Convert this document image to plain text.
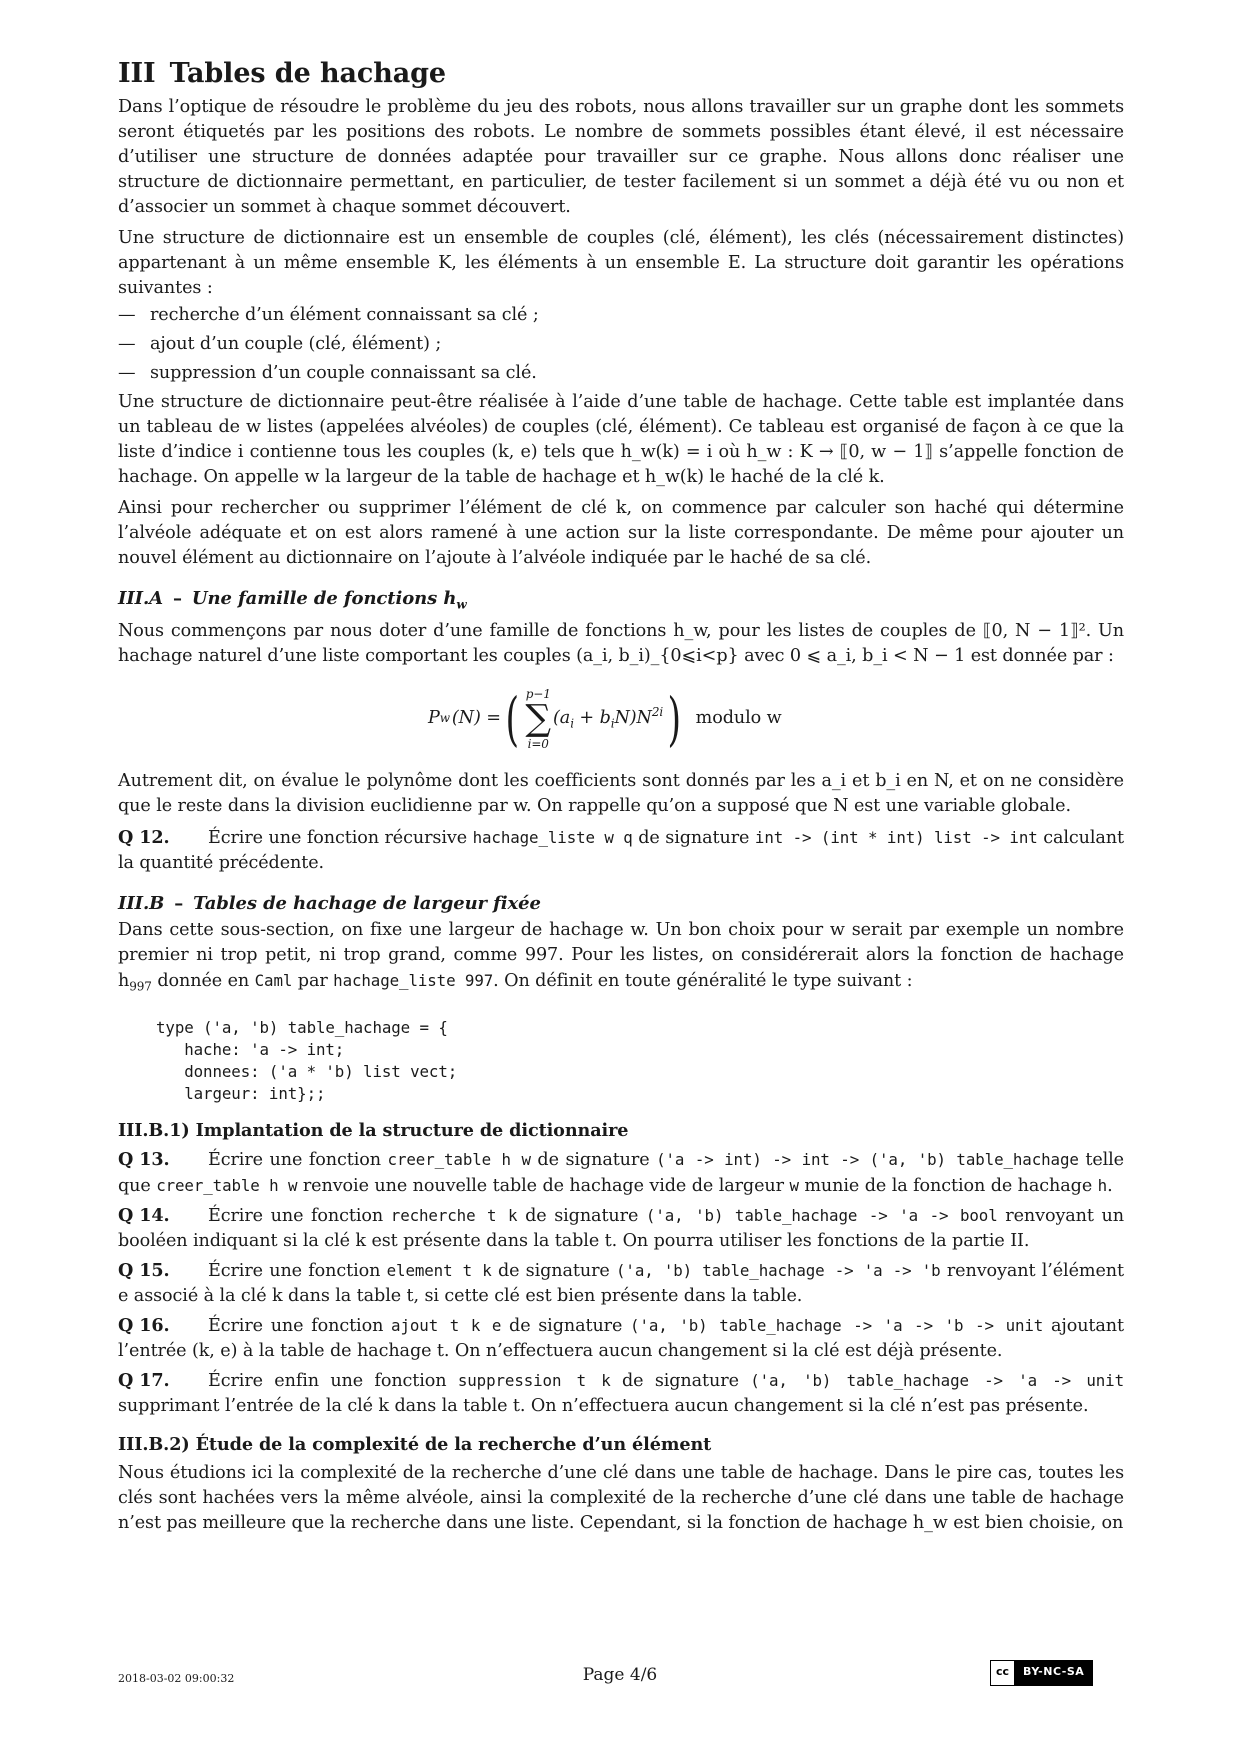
III Tables de hachage

Dans l’optique de résoudre le problème du jeu des robots, nous allons travailler sur un graphe dont les sommets seront étiquetés par les positions des robots. Le nombre de sommets possibles étant élevé, il est nécessaire d’utiliser une structure de données adaptée pour travailler sur ce graphe. Nous allons donc réaliser une structure de dictionnaire permettant, en particulier, de tester facilement si un sommet a déjà été vu ou non et d’associer un sommet à chaque sommet découvert.

Une structure de dictionnaire est un ensemble de couples (clé, élément), les clés (nécessairement distinctes) appartenant à un même ensemble K, les éléments à un ensemble E. La structure doit garantir les opérations suivantes :

— recherche d’un élément connaissant sa clé ;
— ajout d’un couple (clé, élément) ;
— suppression d’un couple connaissant sa clé.

Une structure de dictionnaire peut-être réalisée à l’aide d’une table de hachage. Cette table est implantée dans un tableau de w listes (appelées alvéoles) de couples (clé, élément). Ce tableau est organisé de façon à ce que la liste d’indice i contienne tous les couples (k, e) tels que h_w(k) = i où h_w : K → ⟦0, w − 1⟧ s’appelle fonction de hachage. On appelle w la largeur de la table de hachage et h_w(k) le haché de la clé k.

Ainsi pour rechercher ou supprimer l’élément de clé k, on commence par calculer son haché qui détermine l’alvéole adéquate et on est alors ramené à une action sur la liste correspondante. De même pour ajouter un nouvel élément au dictionnaire on l’ajoute à l’alvéole indiquée par le haché de sa clé.

III.A – Une famille de fonctions $h_w$

Nous commençons par nous doter d’une famille de fonctions h_w, pour les listes de couples de ⟦0, N − 1⟧². Un hachage naturel d’une liste comportant les couples (a_i, b_i)_{0⩽i<p} avec 0 ⩽ a_i, b_i < N − 1 est donnée par :

P w (N) = ( p−1
∑
i=0
$(a_i + b_iN)N^{2i}$ ) modulo w

Autrement dit, on évalue le polynôme dont les coefficients sont donnés par les a_i et b_i en N, et on ne considère que le reste dans la division euclidienne par w. On rappelle qu’on a supposé que N est une variable globale.

Q 12. Écrire une fonction récursive hachage_liste w q de signature int -> (int * int) list -> int calculant la quantité précédente.

III.B – Tables de hachage de largeur fixée

Dans cette sous-section, on fixe une largeur de hachage w. Un bon choix pour w serait par exemple un nombre premier ni trop petit, ni trop grand, comme 997. Pour les listes, on considérerait alors la fonction de hachage $h_{997}$ donnée en Caml par hachage_liste 997. On définit en toute généralité le type suivant :

type ('a, 'b) table_hachage = {
hache: 'a -> int;
donnees: ('a * 'b) list vect;
largeur: int};;
III.B.1) Implantation de la structure de dictionnaire

Q 13. Écrire une fonction creer_table h w de signature ('a -> int) -> int -> ('a, 'b) table_hachage telle que creer_table h w renvoie une nouvelle table de hachage vide de largeur w munie de la fonction de hachage h.

Q 14. Écrire une fonction recherche t k de signature ('a, 'b) table_hachage -> 'a -> bool renvoyant un booléen indiquant si la clé k est présente dans la table t. On pourra utiliser les fonctions de la partie II.

Q 15. Écrire une fonction element t k de signature ('a, 'b) table_hachage -> 'a -> 'b renvoyant l’élément e associé à la clé k dans la table t, si cette clé est bien présente dans la table.

Q 16. Écrire une fonction ajout t k e de signature ('a, 'b) table_hachage -> 'a -> 'b -> unit ajoutant l’entrée (k, e) à la table de hachage t. On n’effectuera aucun changement si la clé est déjà présente.

Q 17. Écrire enfin une fonction suppression t k de signature ('a, 'b) table_hachage -> 'a -> unit supprimant l’entrée de la clé k dans la table t. On n’effectuera aucun changement si la clé n’est pas présente.

III.B.2) Étude de la complexité de la recherche d’un élément

Nous étudions ici la complexité de la recherche d’une clé dans une table de hachage. Dans le pire cas, toutes les clés sont hachées vers la même alvéole, ainsi la complexité de la recherche d’une clé dans une table de hachage n’est pas meilleure que la recherche dans une liste. Cependant, si la fonction de hachage h_w est bien choisie, on

2018-03-02 09:00:32	Page 4/6	cc	BY-NC-SA
